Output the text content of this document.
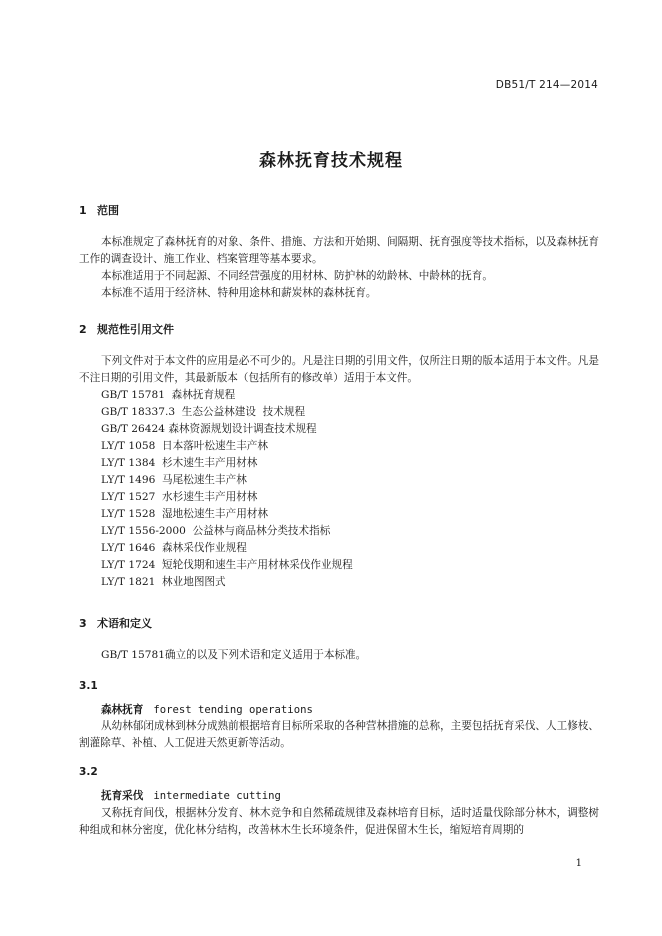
DB51/T 214—2014
森林抚育技术规程
1 范围
本标准规定了森林抚育的对象、条件、措施、方法和开始期、间隔期、抚育强度等技术指标，以及森林抚育工作的调查设计、施工作业、档案管理等基本要求。
本标准适用于不同起源、不同经营强度的用材林、防护林的幼龄林、中龄林的抚育。
本标准不适用于经济林、特种用途林和薪炭林的森林抚育。
2 规范性引用文件
下列文件对于本文件的应用是必不可少的。凡是注日期的引用文件，仅所注日期的版本适用于本文件。凡是不注日期的引用文件，其最新版本（包括所有的修改单）适用于本文件。
GB/T 15781  森林抚育规程
GB/T 18337.3  生态公益林建设  技术规程
GB/T 26424 森林资源规划设计调查技术规程
LY/T 1058  日本落叶松速生丰产林
LY/T 1384  杉木速生丰产用材林
LY/T 1496  马尾松速生丰产林
LY/T 1527  水杉速生丰产用材林
LY/T 1528  湿地松速生丰产用材林
LY/T 1556-2000  公益林与商品林分类技术指标
LY/T 1646  森林采伐作业规程
LY/T 1724  短轮伐期和速生丰产用材林采伐作业规程
LY/T 1821  林业地图图式
3 术语和定义
GB/T 15781确立的以及下列术语和定义适用于本标准。
3.1
森林抚育 forest tending operations
从幼林郁闭成林到林分成熟前根据培育目标所采取的各种营林措施的总称，主要包括抚育采伐、人工修枝、割灌除草、补植、人工促进天然更新等活动。
3.2
抚育采伐 intermediate cutting
又称抚育间伐，根据林分发育、林木竞争和自然稀疏规律及森林培育目标，适时适量伐除部分林木，调整树种组成和林分密度，优化林分结构，改善林木生长环境条件，促进保留木生长，缩短培育周期的
1
